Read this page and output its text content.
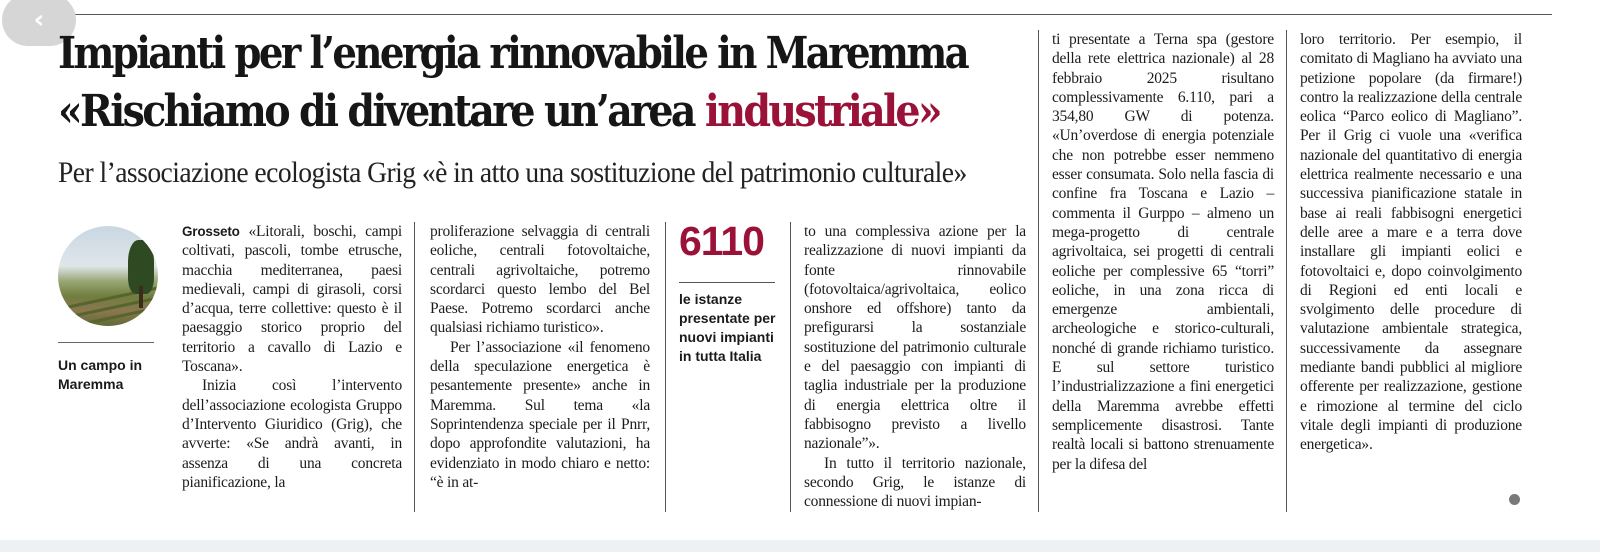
‹
Impianti per l’energia rinnovabile in Maremma
«Rischiamo di diventare un’area industriale»
Per l’associazione ecologista Grig «è in atto una sostituzione del patrimonio culturale»
Un campo in Maremma

Grosseto «Litorali, boschi, campi coltivati, pascoli, tombe etrusche, macchia mediterranea, paesi medievali, campi di girasoli, corsi d’acqua, terre collettive: questo è il paesaggio storico proprio del territorio a cavallo di Lazio e Toscana».

Inizia così l’intervento dell’associazione ecologista Gruppo d’Intervento Giuridico (Grig), che avverte: «Se andrà avanti, in assenza di una concreta pianificazione, la

proliferazione selvaggia di centrali eoliche, centrali fotovoltaiche, centrali agrivoltaiche, potremo scordarci questo lembo del Bel Paese. Potremo scordarci anche qualsiasi richiamo turistico».

Per l’associazione «il fenomeno della speculazione energetica è pesantemente presente» anche in Maremma. Sul tema «la Soprintendenza speciale per il Pnrr, dopo approfondite valutazioni, ha evidenziato in modo chiaro e netto: “è in at-

6110
le istanze presentate per nuovi impianti in tutta Italia

to una complessiva azione per la realizzazione di nuovi impianti da fonte rinnovabile (fotovoltaica/agrivoltaica, eolico onshore ed offshore) tanto da prefigurarsi la sostanziale sostituzione del patrimonio culturale e del paesaggio con impianti di taglia industriale per la produzione di energia elettrica oltre il fabbisogno previsto a livello nazionale”».

In tutto il territorio nazionale, secondo Grig, le istanze di connessione di nuovi impian-

ti presentate a Terna spa (gestore della rete elettrica nazionale) al 28 febbraio 2025 risultano complessivamente 6.110, pari a 354,80 GW di potenza. «Un’overdose di energia potenziale che non potrebbe esser nemmeno esser consumata. Solo nella fascia di confine fra Toscana e Lazio – commenta il Gurppo – almeno un mega-progetto di centrale agrivoltaica, sei progetti di centrali eoliche per complessive 65 “torri” eoliche, in una zona ricca di emergenze ambientali, archeologiche e storico-culturali, nonché di grande richiamo turistico. E sul settore turistico l’industrializzazione a fini energetici della Maremma avrebbe effetti semplicemente disastrosi. Tante realtà locali si battono strenuamente per la difesa del

loro territorio. Per esempio, il comitato di Magliano ha avviato una petizione popolare (da firmare!) contro la realizzazione della centrale eolica “Parco eolico di Magliano”. Per il Grig ci vuole una «verifica nazionale del quantitativo di energia elettrica realmente necessario e una successiva pianificazione statale in base ai reali fabbisogni energetici delle aree a mare e a terra dove installare gli impianti eolici e fotovoltaici e, dopo coinvolgimento di Regioni ed enti locali e svolgimento delle procedure di valutazione ambientale strategica, successivamente da assegnare mediante bandi pubblici al migliore offerente per realizzazione, gestione e rimozione al termine del ciclo vitale degli impianti di produzione energetica».
